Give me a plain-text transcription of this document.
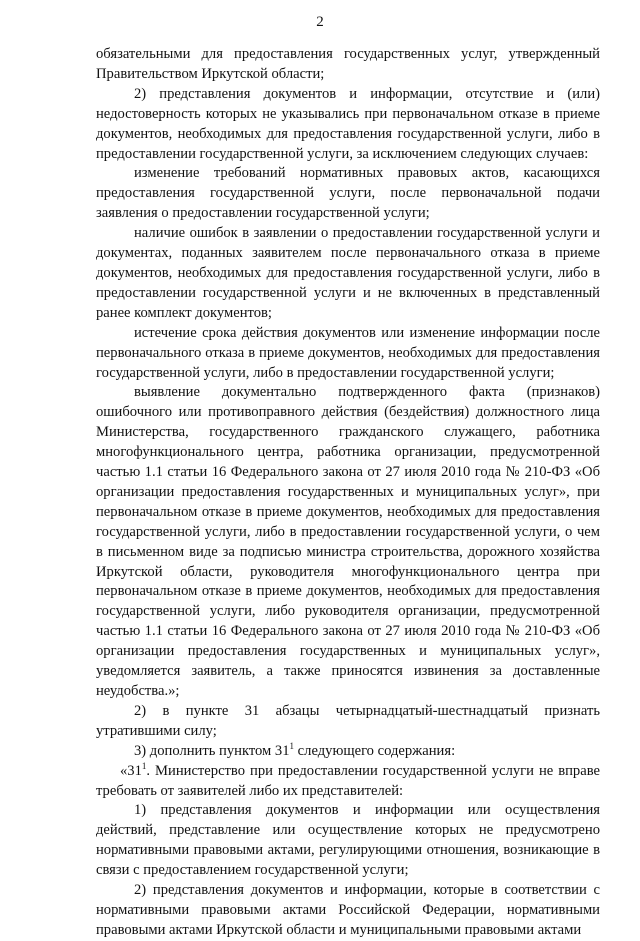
2

обязательными для предоставления государственных услуг, утвержденный Правительством Иркутской области;

2) представления документов и информации, отсутствие и (или) недостоверность которых не указывались при первоначальном отказе в приеме документов, необходимых для предоставления государственной услуги, либо в предоставлении государственной услуги, за исключением следующих случаев:

изменение требований нормативных правовых актов, касающихся предоставления государственной услуги, после первоначальной подачи заявления о предоставлении государственной услуги;

наличие ошибок в заявлении о предоставлении государственной услуги и документах, поданных заявителем после первоначального отказа в приеме документов, необходимых для предоставления государственной услуги, либо в предоставлении государственной услуги и не включенных в представленный ранее комплект документов;

истечение срока действия документов или изменение информации после первоначального отказа в приеме документов, необходимых для предоставления государственной услуги, либо в предоставлении государственной услуги;

выявление документально подтвержденного факта (признаков) ошибочного или противоправного действия (бездействия) должностного лица Министерства, государственного гражданского служащего, работника многофункционального центра, работника организации, предусмотренной частью 1.1 статьи 16 Федерального закона от 27 июля 2010 года № 210-ФЗ «Об организации предоставления государственных и муниципальных услуг», при первоначальном отказе в приеме документов, необходимых для предоставления государственной услуги, либо в предоставлении государственной услуги, о чем в письменном виде за подписью министра строительства, дорожного хозяйства Иркутской области, руководителя многофункционального центра при первоначальном отказе в приеме документов, необходимых для предоставления государственной услуги, либо руководителя организации, предусмотренной частью 1.1 статьи 16 Федерального закона от 27 июля 2010 года № 210-ФЗ «Об организации предоставления государственных и муниципальных услуг», уведомляется заявитель, а также приносятся извинения за доставленные неудобства.»;

2) в пункте 31 абзацы четырнадцатый-шестнадцатый признать утратившими силу;

3) дополнить пунктом $31^1$ следующего содержания:

«$31^1$. Министерство при предоставлении государственной услуги не вправе требовать от заявителей либо их представителей:

1) представления документов и информации или осуществления действий, представление или осуществление которых не предусмотрено нормативными правовыми актами, регулирующими отношения, возникающие в связи с предоставлением государственной услуги;

2) представления документов и информации, которые в соответствии с нормативными правовыми актами Российской Федерации, нормативными правовыми актами Иркутской области и муниципальными правовыми актами
